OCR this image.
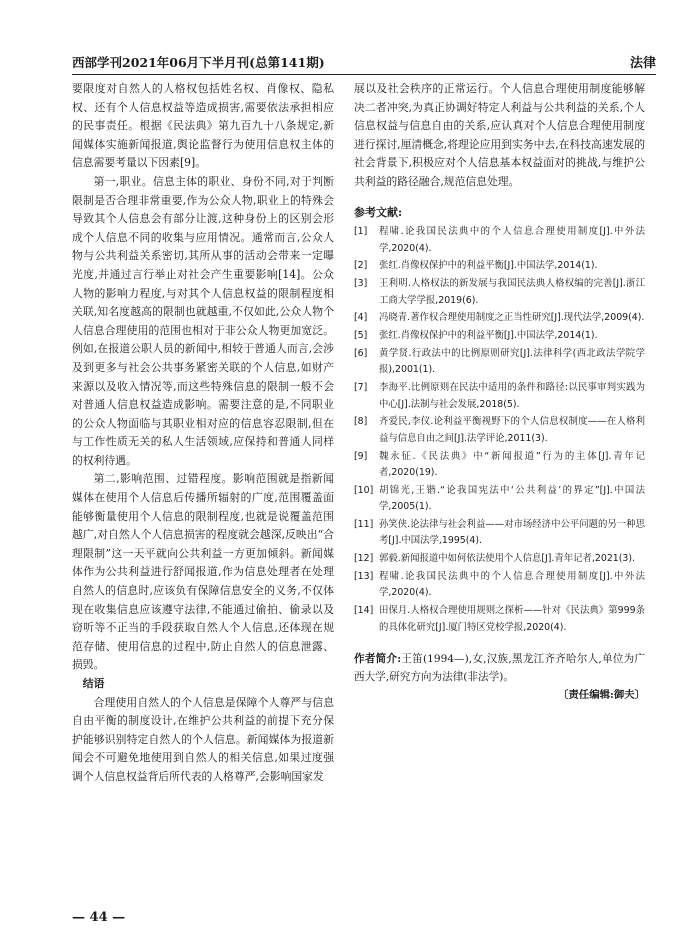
西部学刊2021年06月下半月刊(总第141期)	法律

要限度对自然人的人格权包括姓名权、肖像权、隐私权、还有个人信息权益等造成损害,需要依法承担相应的民事责任。根据《民法典》第九百九十八条规定,新闻媒体实施新闻报道,舆论监督行为使用信息权主体的信息需要考量以下因素[9]。

第一,职业。信息主体的职业、身份不同,对于判断限制是否合理非常重要,作为公众人物,职业上的特殊会导致其个人信息会有部分让渡,这种身份上的区别会形成个人信息不同的收集与应用情况。通常而言,公众人物与公共利益关系密切,其所从事的活动会带来一定曝光度,并通过言行举止对社会产生重要影响[14]。公众人物的影响力程度,与对其个人信息权益的限制程度相关联,知名度越高的限制也就越重,不仅如此,公众人物个人信息合理使用的范围也相对于非公众人物更加宽泛。例如,在报道公职人员的新闻中,相较于普通人而言,会涉及到更多与社会公共事务紧密关联的个人信息,如财产来源以及收入情况等,而这些特殊信息的限制一般不会对普通人信息权益造成影响。需要注意的是,不同职业的公众人物面临与其职业相对应的信息容忍限制,但在与工作性质无关的私人生活领域,应保持和普通人同样的权利待遇。

第二,影响范围、过错程度。影响范围就是指新闻媒体在使用个人信息后传播所辐射的广度,范围覆盖面能够衡量使用个人信息的限制程度,也就是说覆盖范围越广,对自然人个人信息损害的程度就会越深,反映出“合理限制”这一天平就向公共利益一方更加倾斜。新闻媒体作为公共利益进行舒闻报道,作为信息处理者在处理自然人的信息时,应该负有保障信息安全的义务,不仅体现在收集信息应该遵守法律,不能通过偷拍、偷录以及窃听等不正当的手段获取自然人个人信息,还体现在规范存储、使用信息的过程中,防止自然人的信息泄露、损毁。

结语

合理使用自然人的个人信息是保障个人尊严与信息自由平衡的制度设计,在维护公共利益的前提下充分保护能够识别特定自然人的个人信息。新闻媒体为报道新闻会不可避免地使用到自然人的相关信息,如果过度强调个人信息权益背后所代表的人格尊严,会影响国家发

展以及社会秩序的正常运行。个人信息合理使用制度能够解决二者冲突,为真正协调好特定人利益与公共利益的关系,个人信息权益与信息自由的关系,应认真对个人信息合理使用制度进行探讨,厘清概念,将理论应用到实务中去,在科技高速发展的社会背景下,积极应对个人信息基本权益面对的挑战,与维护公共利益的路径融合,规范信息处理。

参考文献:
[1]	程啸.论我国民法典中的个人信息合理使用制度[J].中外法学,2020(4).
[2]	张红.肖像权保护中的利益平衡[J].中国法学,2014(1).
[3]	王利明.人格权法的新发展与我国民法典人格权编的完善[J].浙江工商大学学报,2019(6).
[4]	冯晓青.著作权合理使用制度之正当性研究[J].现代法学,2009(4).
[5]	张红.肖像权保护中的利益平衡[J].中国法学,2014(1).
[6]	黄学贤.行政法中的比例原则研究[J].法律科学(西北政法学院学报),2001(1).
[7]	李海平.比例原则在民法中适用的条件和路径:以民事审判实践为中心[J].法制与社会发展,2018(5).
[8]	齐爱民,李仪.论利益平衡视野下的个人信息权制度——在人格利益与信息自由之间[J].法学评论,2011(3).
[9]	魏永征.《民法典》中“新闻报道”行为的主体[J].青年记者,2020(19).
[10] 胡锦光,王锴.“论我国宪法中‘公共利益’的界定”[J].中国法学,2005(1).
[11] 孙笑侠.论法律与社会利益——对市场经济中公平问题的另一种思考[J].中国法学,1995(4).
[12] 郭毅.新闻报道中如何依法使用个人信息[J].青年记者,2021(3).
[13] 程啸.论我国民法典中的个人信息合理使用制度[J].中外法学,2020(4).
[14] 田保月.人格权合理使用规则之探析——针对《民法典》第999条的具体化研究[J].厦门特区党校学报,2020(4).
作者简介:王笛(1994—),女,汉族,黑龙江齐齐哈尔人,单位为广西大学,研究方向为法律(非法学)。
〔责任编辑:御夫〕
— 44 —
